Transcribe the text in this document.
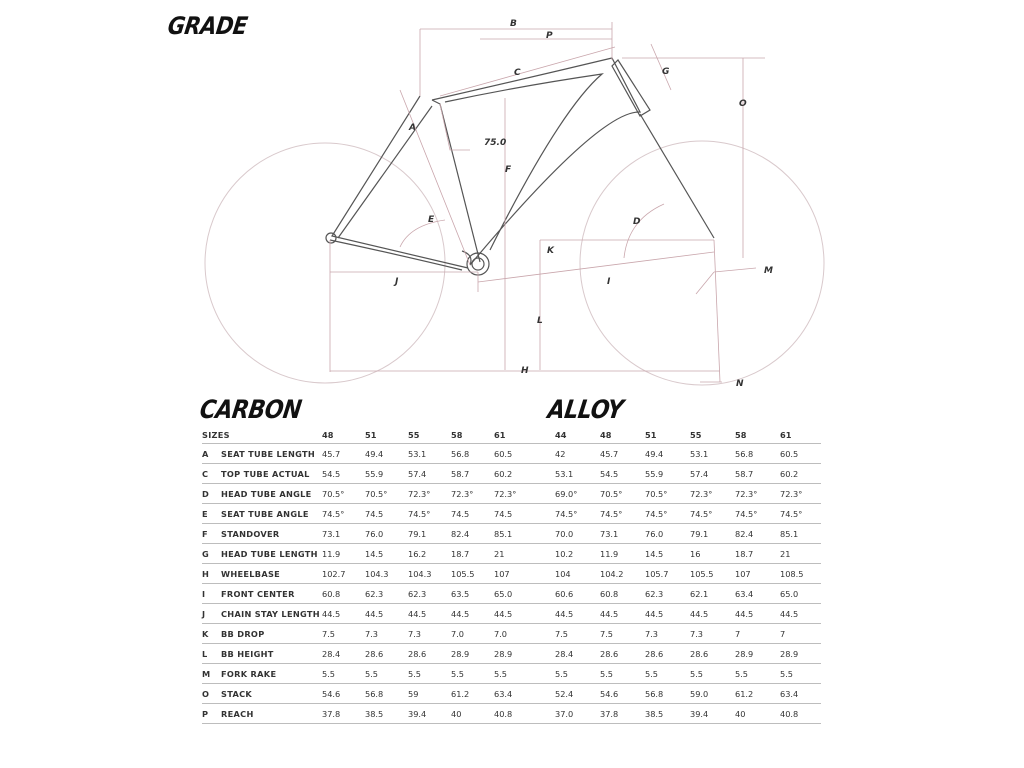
GRADE	B
P
C	G
O
A
75.0
F
E	D
K
M
J	I
L
H
N
CARBON	ALLOY
SIZES		48	51	55	58	61
A	SEAT TUBE LENGTH	45.7	49.4	53.1	56.8	60.5
C	TOP TUBE ACTUAL	54.5	55.9	57.4	58.7	60.2
D	HEAD TUBE ANGLE	70.5°	70.5°	72.3°	72.3°	72.3°
E	SEAT TUBE ANGLE	74.5°	74.5	74.5°	74.5	74.5
F	STANDOVER	73.1	76.0	79.1	82.4	85.1
G	HEAD TUBE LENGTH	11.9	14.5	16.2	18.7	21
H	WHEELBASE	102.7	104.3	104.3	105.5	107
I	FRONT CENTER	60.8	62.3	62.3	63.5	65.0
J	CHAIN STAY LENGTH	44.5	44.5	44.5	44.5	44.5
K	BB DROP	7.5	7.3	7.3	7.0	7.0
L	BB HEIGHT	28.4	28.6	28.6	28.9	28.9
M	FORK RAKE	5.5	5.5	5.5	5.5	5.5
O	STACK	54.6	56.8	59	61.2	63.4
P	REACH	37.8	38.5	39.4	40	40.8
44	48	51	55	58	61
42	45.7	49.4	53.1	56.8	60.5
53.1	54.5	55.9	57.4	58.7	60.2
69.0°	70.5°	70.5°	72.3°	72.3°	72.3°
74.5°	74.5°	74.5°	74.5°	74.5°	74.5°
70.0	73.1	76.0	79.1	82.4	85.1
10.2	11.9	14.5	16	18.7	21
104	104.2	105.7	105.5	107	108.5
60.6	60.8	62.3	62.1	63.4	65.0
44.5	44.5	44.5	44.5	44.5	44.5
7.5	7.5	7.3	7.3	7	7
28.4	28.6	28.6	28.6	28.9	28.9
5.5	5.5	5.5	5.5	5.5	5.5
52.4	54.6	56.8	59.0	61.2	63.4
37.0	37.8	38.5	39.4	40	40.8
